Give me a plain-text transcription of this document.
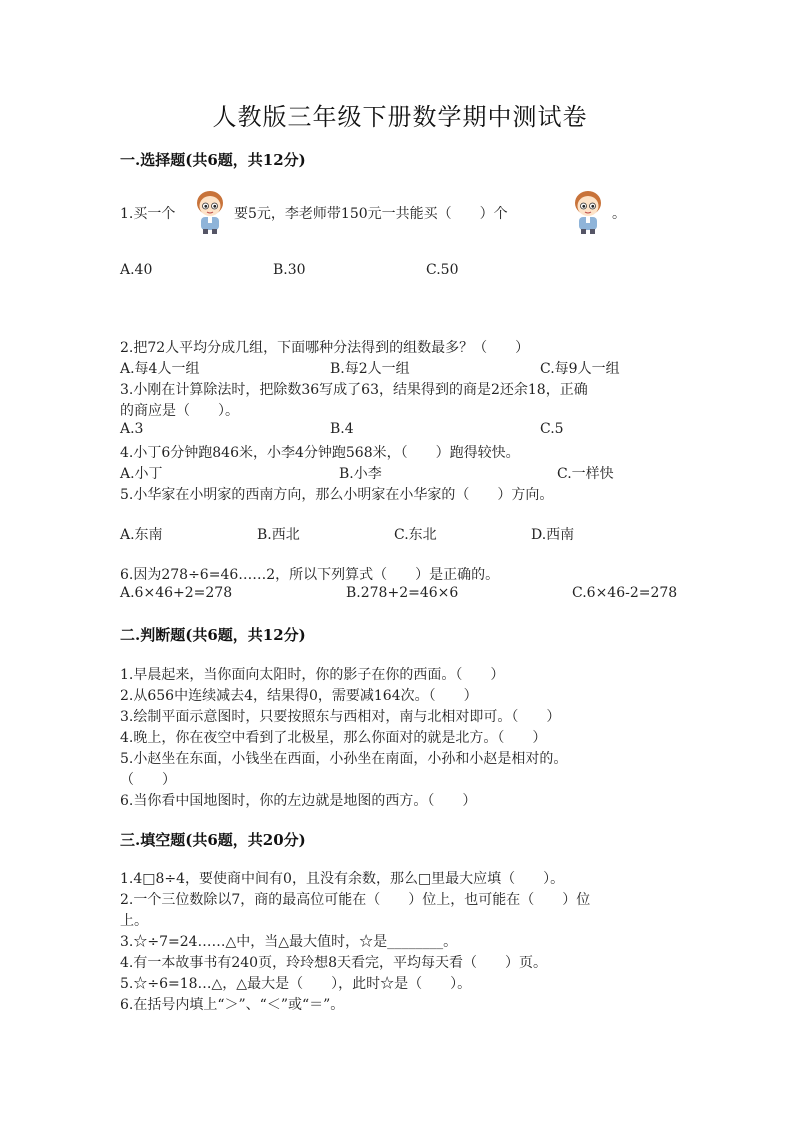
人教版三年级下册数学期中测试卷
一.选择题(共6题，共12分)
1.买一个	要5元，李老师带150元一共能买（　　）个	。
A.40	B.30	C.50
2.把72人平均分成几组，下面哪种分法得到的组数最多？（　　）
A.每4人一组	B.每2人一组	C.每9人一组
3.小刚在计算除法时，把除数36写成了63，结果得到的商是2还余18，正确
的商应是（　　）。
A.3	B.4	C.5
4.小丁6分钟跑846米，小李4分钟跑568米，（　　）跑得较快。
A.小丁	B.小李	C.一样快
5.小华家在小明家的西南方向，那么小明家在小华家的（　　）方向。
A.东南	B.西北	C.东北	D.西南
6.因为278÷6=46……2，所以下列算式（　　）是正确的。
A.6×46+2=278	B.278+2=46×6	C.6×46-2=278
二.判断题(共6题，共12分)
1.早晨起来，当你面向太阳时，你的影子在你的西面。（　　）
2.从656中连续减去4，结果得0，需要减164次。（　　）
3.绘制平面示意图时，只要按照东与西相对，南与北相对即可。（　　）
4.晚上，你在夜空中看到了北极星，那么你面对的就是北方。（　　）
5.小赵坐在东面，小钱坐在西面，小孙坐在南面，小孙和小赵是相对的。
（　　）
6.当你看中国地图时，你的左边就是地图的西方。（　　）
三.填空题(共6题，共20分)
1.4□8÷4，要使商中间有0，且没有余数，那么□里最大应填（　　）。
2.一个三位数除以7，商的最高位可能在（　　）位上，也可能在（　　）位
上。
3.☆÷7=24……△中，当△最大值时，☆是________。
4.有一本故事书有240页，玲玲想8天看完，平均每天看（　　）页。
5.☆÷6=18…△，△最大是（　　），此时☆是（　　）。
6.在括号内填上“＞”、“＜”或“＝”。
